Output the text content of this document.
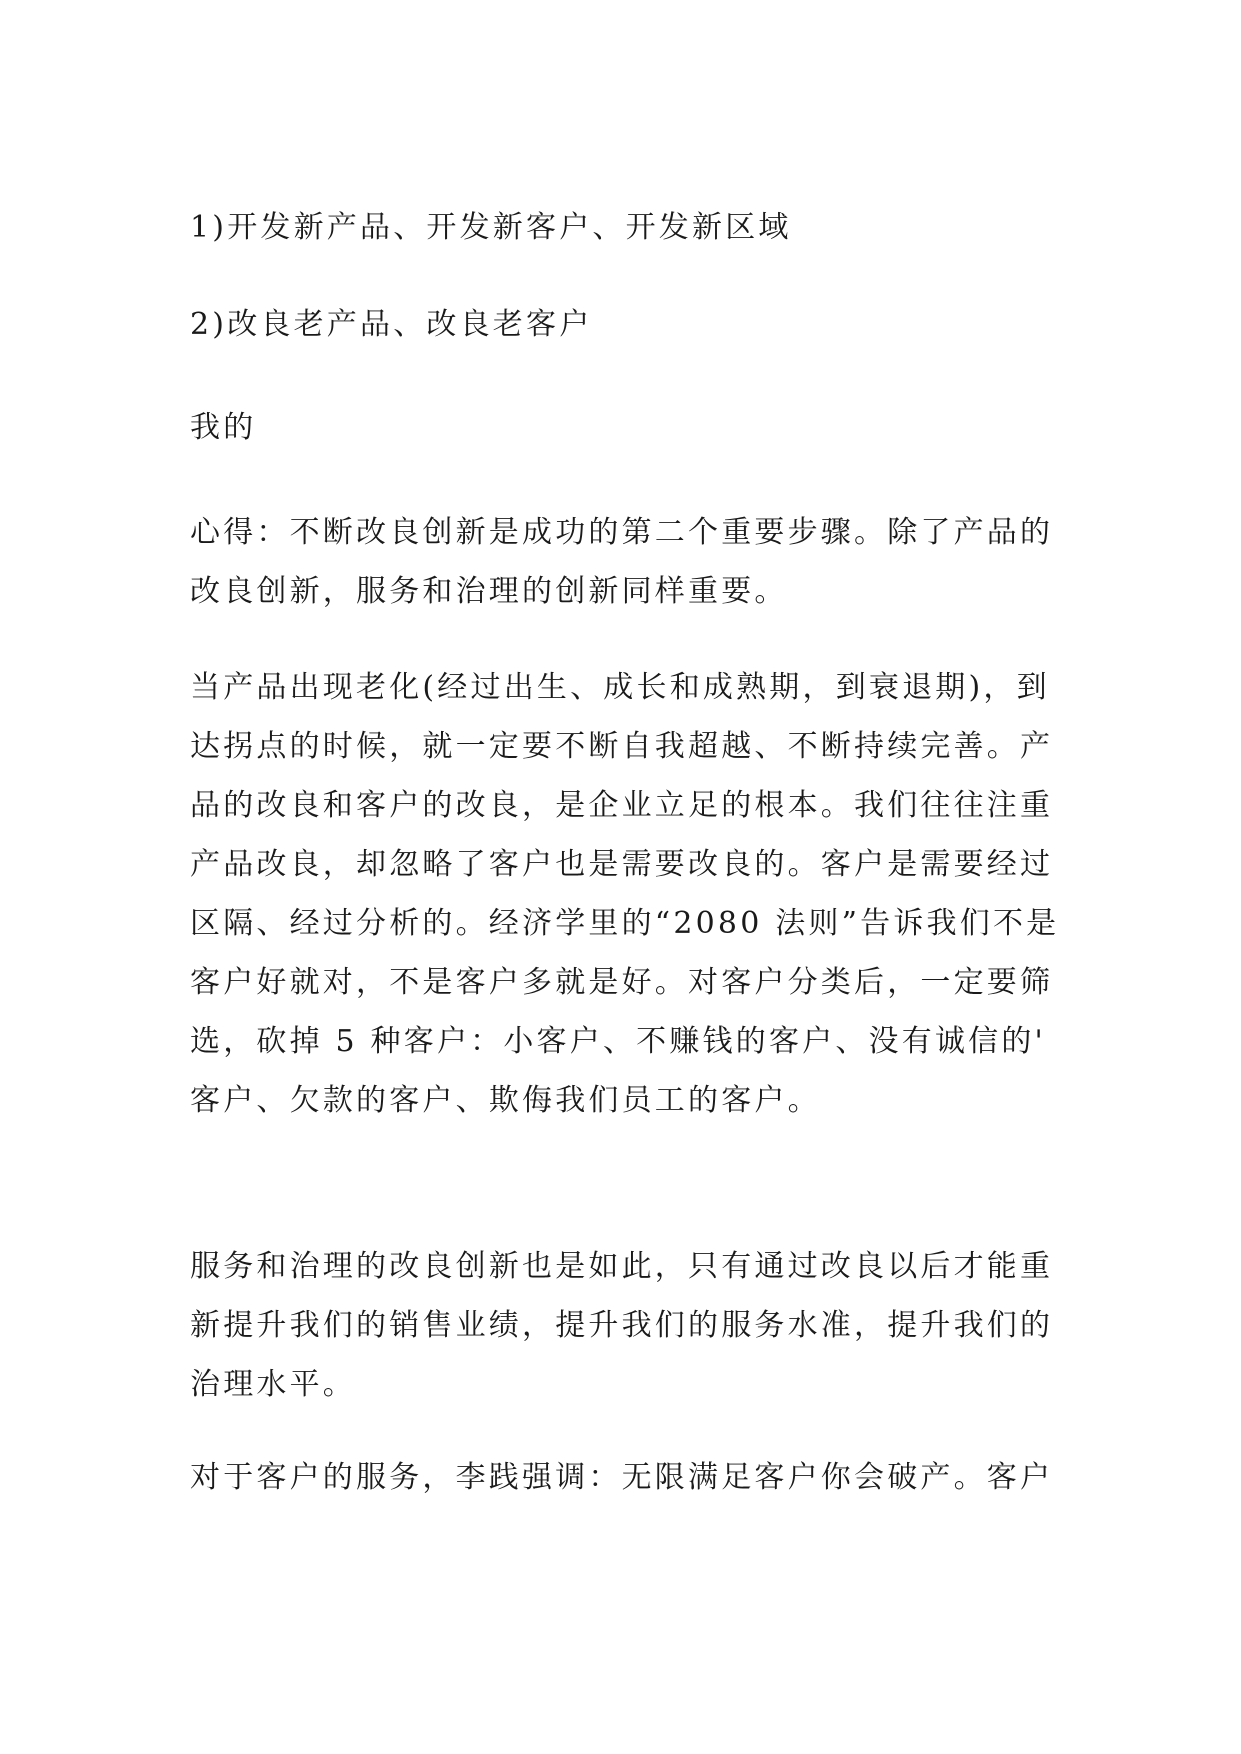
1)开发新产品、开发新客户、开发新区域

2)改良老产品、改良老客户

我的

心得：不断改良创新是成功的第二个重要步骤。除了产品的
改良创新，服务和治理的创新同样重要。

当产品出现老化(经过出生、成长和成熟期，到衰退期)，到
达拐点的时候，就一定要不断自我超越、不断持续完善。产
品的改良和客户的改良，是企业立足的根本。我们往往注重
产品改良，却忽略了客户也是需要改良的。客户是需要经过
区隔、经过分析的。经济学里的“2080 法则”告诉我们不是
客户好就对，不是客户多就是好。对客户分类后，一定要筛
选，砍掉 5 种客户：小客户、不赚钱的客户、没有诚信的'
客户、欠款的客户、欺侮我们员工的客户。

服务和治理的改良创新也是如此，只有通过改良以后才能重
新提升我们的销售业绩，提升我们的服务水准，提升我们的
治理水平。

对于客户的服务，李践强调：无限满足客户你会破产。客户
